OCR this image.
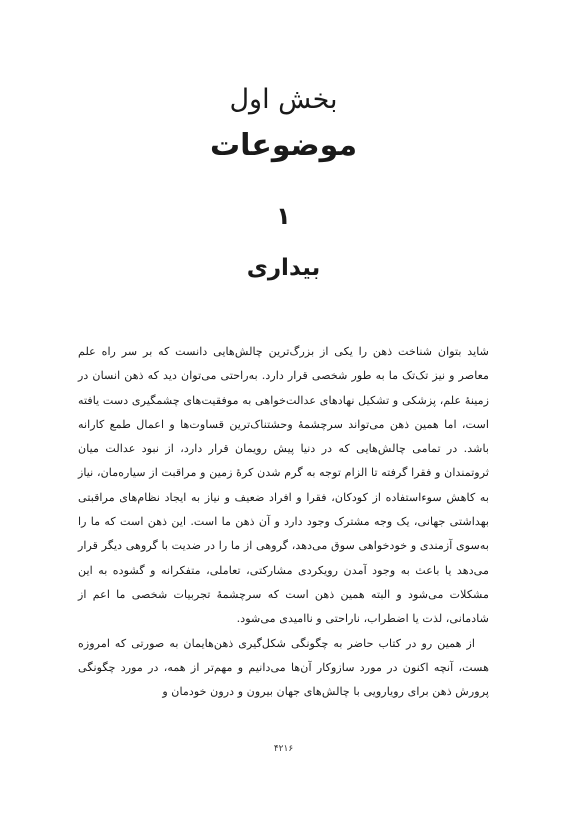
بخش اول
موضوعات
۱
بیداری

شاید بتوان شناخت ذهن را یکی از بزرگ‌ترین چالش‌هایی دانست که بر سر راه علم معاصر و نیز تک‌تک ما به طور شخصی قرار دارد. به‌راحتی می‌توان دید که ذهن انسان در زمینهٔ علم، پزشکی و تشکیل نهادهای عدالت‌خواهی به موفقیت‌های چشمگیری دست یافته است، اما همین ذهن می‌تواند سرچشمهٔ وحشتناک‌ترین قساوت‌ها و اعمال طمع کارانه باشد. در تمامی چالش‌هایی که در دنیا پیش رویمان قرار دارد، از نبود عدالت میان ثروتمندان و فقرا گرفته تا الزام توجه به گرم شدن کرهٔ زمین و مراقبت از سیاره‌مان، نیاز به کاهش سوءاستفاده از کودکان، فقرا و افراد ضعیف و نیاز به ایجاد نظام‌های مراقبتی بهداشتی جهانی، یک وجه مشترک وجود دارد و آن ذهن ما است. این ذهن است که ما را به‌سوی آزمندی و خودخواهی سوق می‌دهد، گروهی از ما را در ضدیت با گروهی دیگر قرار می‌دهد یا باعث به وجود آمدن رویکردی مشارکتی، تعاملی، متفکرانه و گشوده به این مشکلات می‌شود و البته همین ذهن است که سرچشمهٔ تجربیات شخصی ما اعم از شادمانی، لذت یا اضطراب، ناراحتی و ناامیدی می‌شود.

از همین رو در کتاب حاضر به چگونگی شکل‌گیری ذهن‌هایمان به صورتی که امروزه هست، آنچه اکنون در مورد سازوکار آن‌ها می‌دانیم و مهم‌تر از همه، در مورد چگونگی پرورش ذهن برای رویارویی با چالش‌های جهان بیرون و درون خودمان و

۴۲۱۶
